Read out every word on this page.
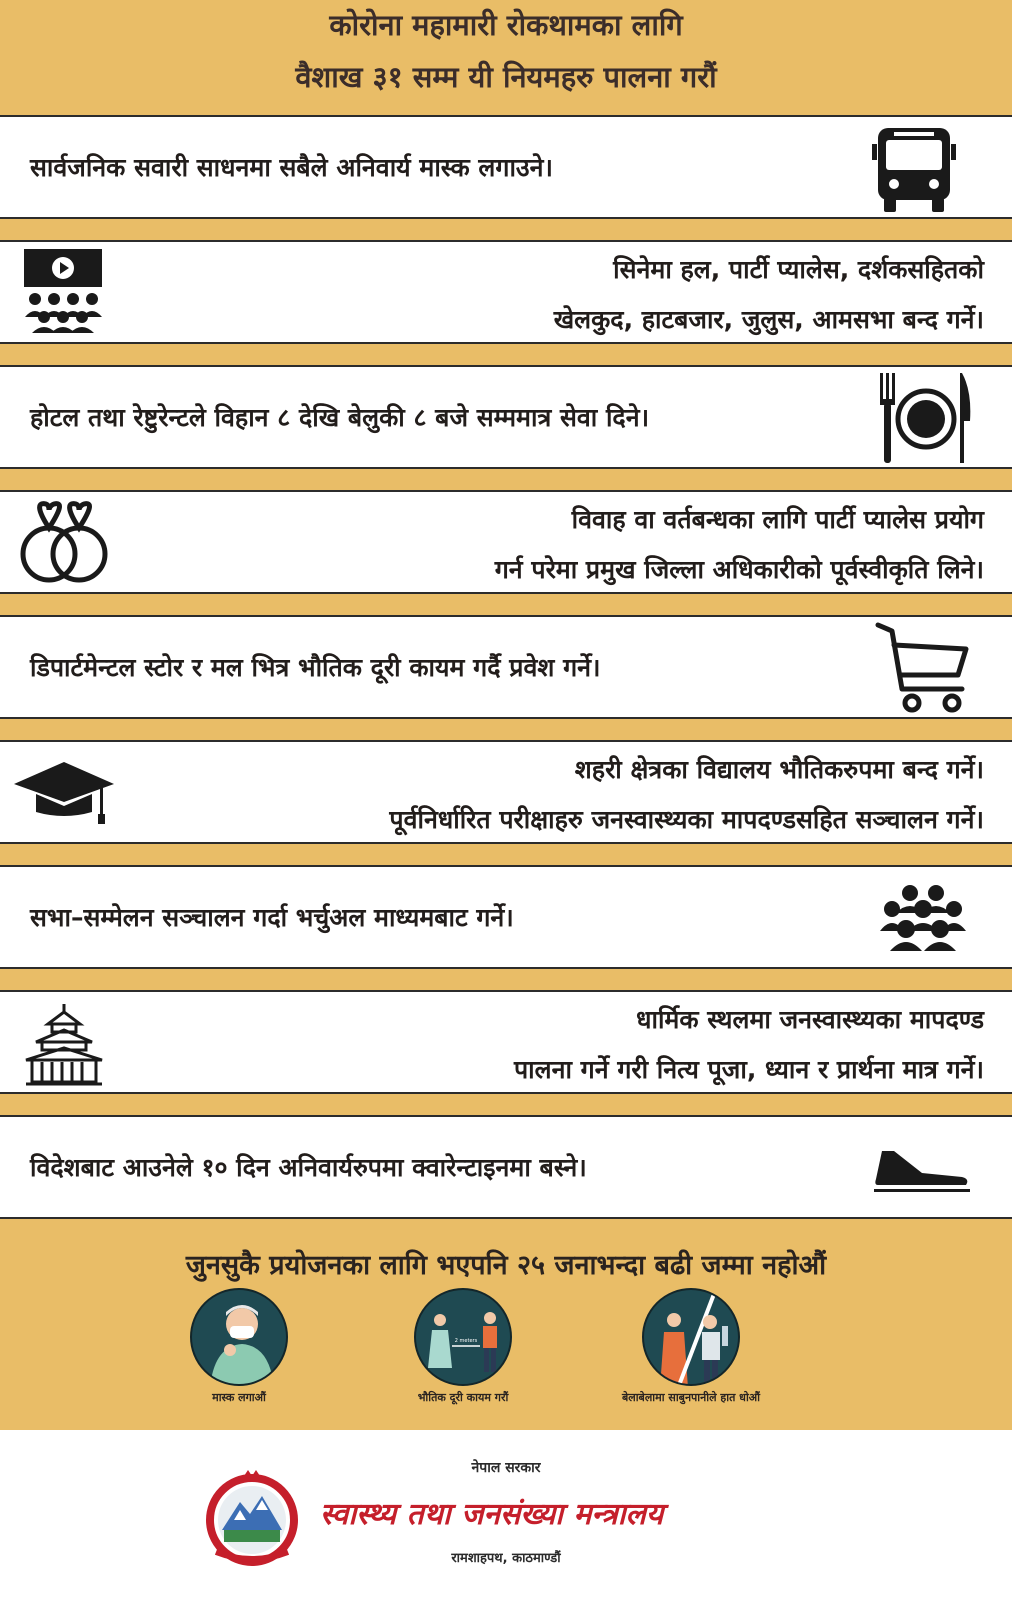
कोरोना महामारी रोकथामका लागि
वैशाख ३१ सम्म यी नियमहरु पालना गरौं
सार्वजनिक सवारी साधनमा सबैले अनिवार्य मास्क लगाउने।
सिनेमा हल, पार्टी प्यालेस, दर्शकसहितको
खेलकुद, हाटबजार, जुलुस, आमसभा बन्द गर्ने।
होटल तथा रेष्टुरेन्टले विहान ८ देखि बेलुकी ८ बजे सम्ममात्र सेवा दिने।
विवाह वा वर्तबन्धका लागि पार्टी प्यालेस प्रयोग
गर्न परेमा प्रमुख जिल्ला अधिकारीको पूर्वस्वीकृति लिने।
डिपार्टमेन्टल स्टोर र मल भित्र भौतिक दूरी कायम गर्दै प्रवेश गर्ने।
शहरी क्षेत्रका विद्यालय भौतिकरुपमा बन्द गर्ने।
पूर्वनिर्धारित परीक्षाहरु जनस्वास्थ्यका मापदण्डसहित सञ्चालन गर्ने।
सभा–सम्मेलन सञ्चालन गर्दा भर्चुअल माध्यमबाट गर्ने।
धार्मिक स्थलमा जनस्वास्थ्यका मापदण्ड
पालना गर्ने गरी नित्य पूजा, ध्यान र प्रार्थना मात्र गर्ने।
विदेशबाट आउनेले १० दिन अनिवार्यरुपमा क्वारेन्टाइनमा बस्ने।
जुनसुकै प्रयोजनका लागि भएपनि २५ जनाभन्दा बढी जम्मा नहोऔं
मास्क लगाऔं
2 meters
भौतिक दूरी कायम गरौं	बेलाबेलामा साबुनपानीले हात धोऔं
नेपाल सरकार
स्वास्थ्य तथा जनसंख्या मन्त्रालय
रामशाहपथ, काठमाण्डौं
